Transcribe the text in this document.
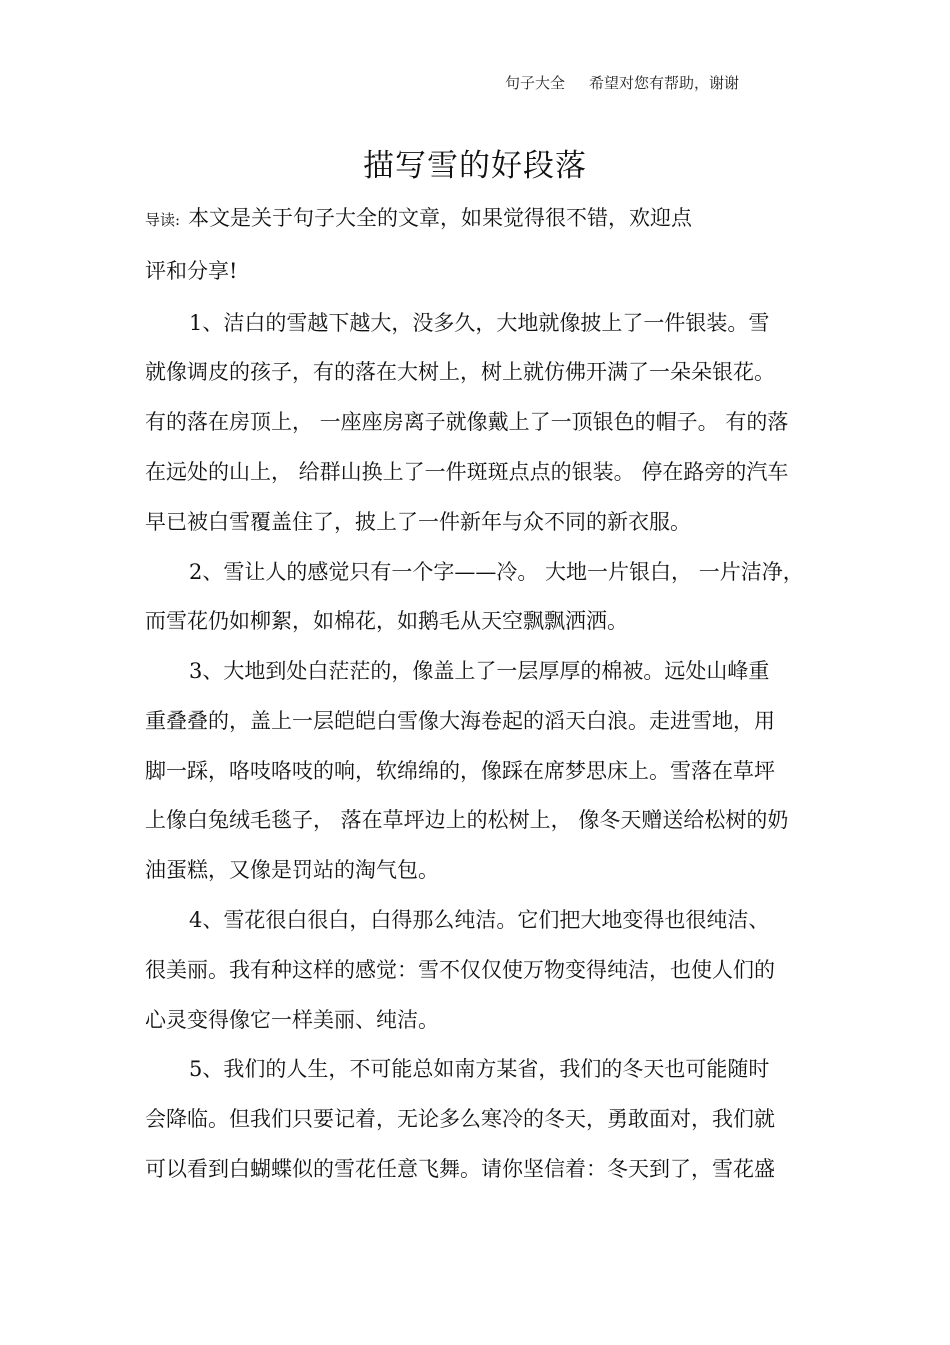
句子大全 希望对您有帮助，谢谢
描写雪的好段落
导读: 本文是关于句子大全的文章，如果觉得很不错，欢迎点
评和分享!
1、洁白的雪越下越大，没多久，大地就像披上了一件银装。雪
就像调皮的孩子，有的落在大树上，树上就仿佛开满了一朵朵银花。
有的落在房顶上， 一座座房离子就像戴上了一顶银色的帽子。 有的落
在远处的山上， 给群山换上了一件斑斑点点的银装。 停在路旁的汽车
早已被白雪覆盖住了，披上了一件新年与众不同的新衣服。
2、雪让人的感觉只有一个字——冷。 大地一片银白， 一片洁净，
而雪花仍如柳絮，如棉花，如鹅毛从天空飘飘洒洒。
3、大地到处白茫茫的，像盖上了一层厚厚的棉被。远处山峰重
重叠叠的，盖上一层皑皑白雪像大海卷起的滔天白浪。走进雪地，用
脚一踩，咯吱咯吱的响，软绵绵的，像踩在席梦思床上。雪落在草坪
上像白兔绒毛毯子， 落在草坪边上的松树上， 像冬天赠送给松树的奶
油蛋糕，又像是罚站的淘气包。
4、雪花很白很白，白得那么纯洁。它们把大地变得也很纯洁、
很美丽。我有种这样的感觉：雪不仅仅使万物变得纯洁，也使人们的
心灵变得像它一样美丽、纯洁。
5、我们的人生，不可能总如南方某省，我们的冬天也可能随时
会降临。但我们只要记着，无论多么寒冷的冬天，勇敢面对，我们就
可以看到白蝴蝶似的雪花任意飞舞。请你坚信着：冬天到了，雪花盛
